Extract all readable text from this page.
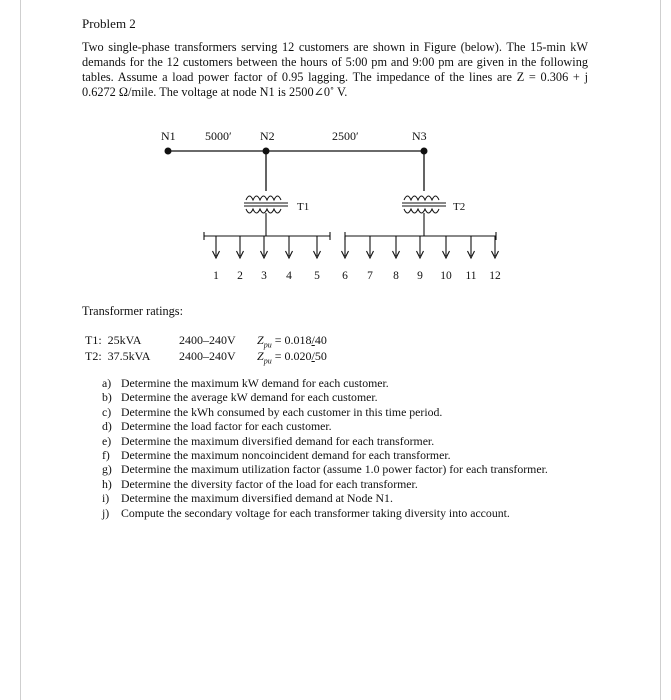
Problem 2

Two single-phase transformers serving 12 customers are shown in Figure (below). The 15-min kW demands for the 12 customers between the hours of 5:00 pm and 9:00 pm are given in the following tables. Assume a load power factor of 0.95 lagging. The impedance of the lines are Z = 0.306 + j 0.6272 Ω/mile. The voltage at node N1 is 2500∠0˚ V.

N1 5000′ N2	2500′	N3
T1	T2
1 2 3 4 5 6 7 8 9 10 11 12
Transformer ratings:
T1: 25kVA	2400–240V $Z_{pu} = 0.018/40$
T2: 37.5kVA 2400–240V $Z_{pu} = 0.020/50$
a) Determine the maximum kW demand for each customer.
b) Determine the average kW demand for each customer.
c) Determine the kWh consumed by each customer in this time period.
d) Determine the load factor for each customer.
e) Determine the maximum diversified demand for each transformer.
f) Determine the maximum noncoincident demand for each transformer.
g) Determine the maximum utilization factor (assume 1.0 power factor) for each transformer.
h) Determine the diversity factor of the load for each transformer.
i) Determine the maximum diversified demand at Node N1.
j) Compute the secondary voltage for each transformer taking diversity into account.
